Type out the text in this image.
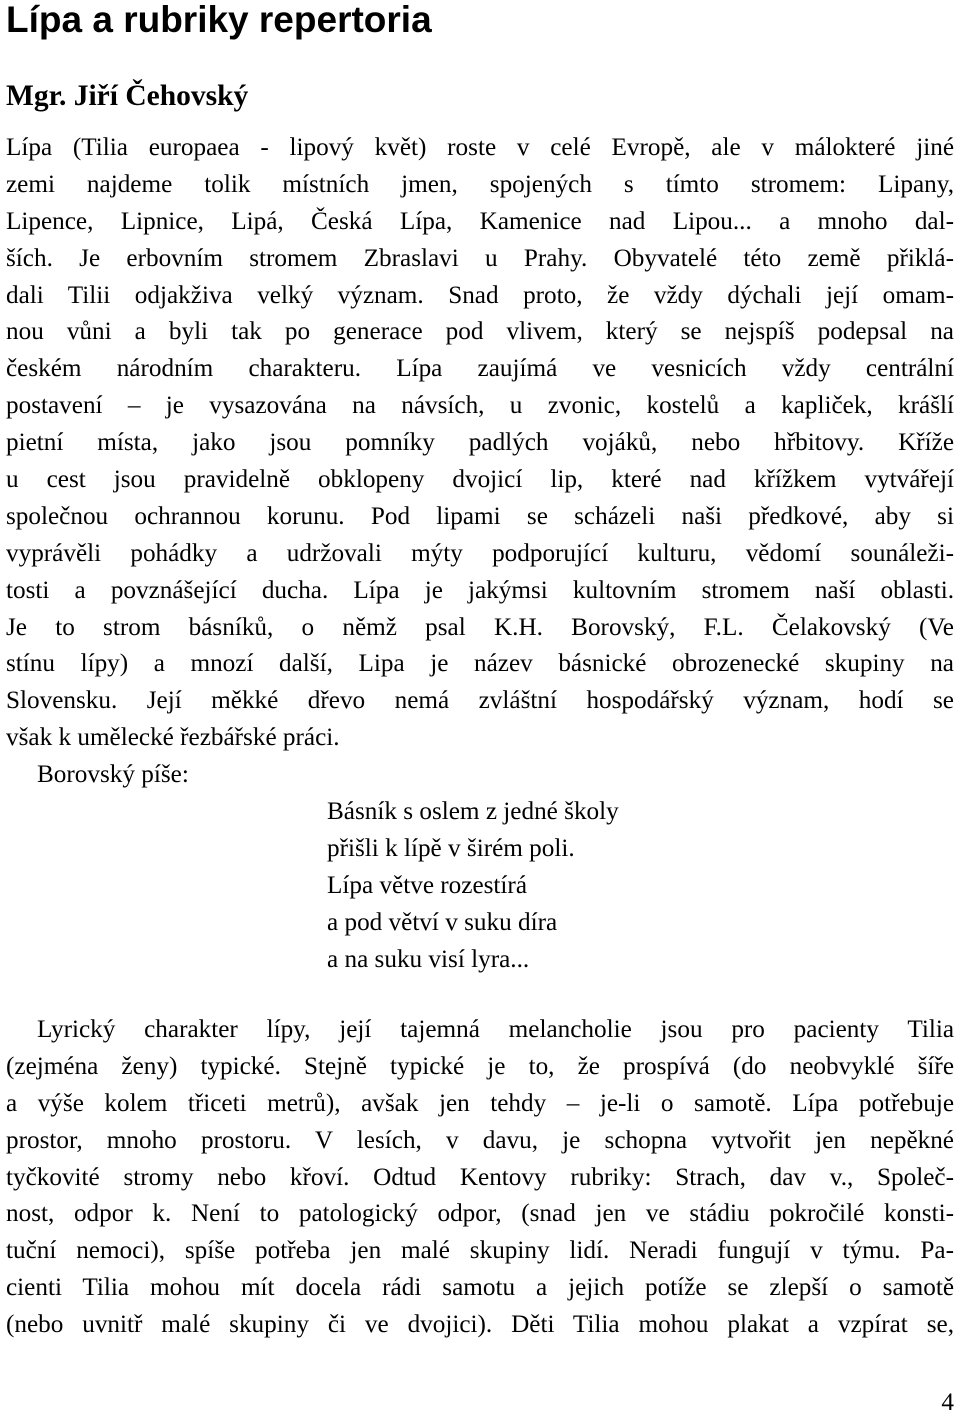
Lípa a rubriky repertoria
Mgr. Jiří Čehovský
Lípa (Tilia europaea - lipový květ) roste v celé Evropě, ale v málokteré jiné
zemi najdeme tolik místních jmen, spojených s tímto stromem: Lipany,
Lipence, Lipnice, Lipá, Česká Lípa, Kamenice nad Lipou... a mnoho dal-
ších. Je erbovním stromem Zbraslavi u Prahy. Obyvatelé této země přiklá-
dali Tilii odjakživa velký význam. Snad proto, že vždy dýchali její omam-
nou vůni a byli tak po generace pod vlivem, který se nejspíš podepsal na
českém národním charakteru. Lípa zaujímá ve vesnicích vždy centrální
postavení – je vysazována na návsích, u zvonic, kostelů a kapliček, krášlí
pietní místa, jako jsou pomníky padlých vojáků, nebo hřbitovy. Kříže
u cest jsou pravidelně obklopeny dvojicí lip, které nad křížkem vytvářejí
společnou ochrannou korunu. Pod lipami se scházeli naši předkové, aby si
vyprávěli pohádky a udržovali mýty podporující kulturu, vědomí sounáleži-
tosti a povznášející ducha. Lípa je jakýmsi kultovním stromem naší oblasti.
Je to strom básníků, o němž psal K.H. Borovský, F.L. Čelakovský (Ve
stínu lípy) a mnozí další, Lipa je název básnické obrozenecké skupiny na
Slovensku. Její měkké dřevo nemá zvláštní hospodářský význam, hodí se
však k umělecké řezbářské práci.

Borovský píše:

Básník s oslem z jedné školy
přišli k lípě v širém poli.
Lípa větve rozestírá
a pod větví v suku díra
a na suku visí lyra...
Lyrický charakter lípy, její tajemná melancholie jsou pro pacienty Tilia
(zejména ženy) typické. Stejně typické je to, že prospívá (do neobvyklé šíře
a výše kolem třiceti metrů), avšak jen tehdy – je-li o samotě. Lípa potřebuje
prostor, mnoho prostoru. V lesích, v davu, je schopna vytvořit jen nepěkné
tyčkovité stromy nebo křoví. Odtud Kentovy rubriky: Strach, dav v., Společ-
nost, odpor k. Není to patologický odpor, (snad jen ve stádiu pokročilé konsti-
tuční nemoci), spíše potřeba jen malé skupiny lidí. Neradi fungují v týmu. Pa-
cienti Tilia mohou mít docela rádi samotu a jejich potíže se zlepší o samotě
(nebo uvnitř malé skupiny či ve dvojici). Děti Tilia mohou plakat a vzpírat se,

4
